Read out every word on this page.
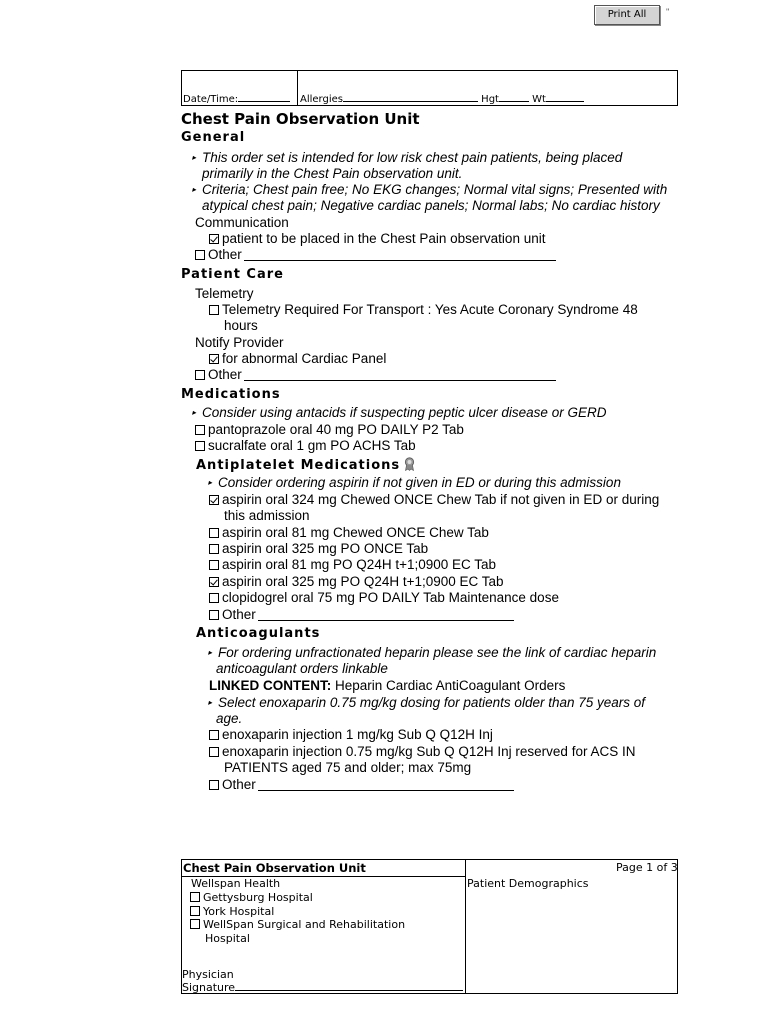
Print All	''
Date/Time:	Allergies	Hgt	Wt
Chest Pain Observation Unit
General
▸ This order set is intended for low risk chest pain patients, being placed
primarily in the Chest Pain observation unit.
▸ Criteria; Chest pain free; No EKG changes; Normal vital signs; Presented with
atypical chest pain; Negative cardiac panels; Normal labs; No cardiac history
Communication
patient to be placed in the Chest Pain observation unit
Other
Patient Care
Telemetry
Telemetry Required For Transport : Yes Acute Coronary Syndrome 48
hours
Notify Provider
for abnormal Cardiac Panel
Other
Medications
▸ Consider using antacids if suspecting peptic ulcer disease or GERD
pantoprazole oral 40 mg PO DAILY P2 Tab
sucralfate oral 1 gm PO ACHS Tab
Antiplatelet Medications
▸ Consider ordering aspirin if not given in ED or during this admission
aspirin oral 324 mg Chewed ONCE Chew Tab if not given in ED or during
this admission
aspirin oral 81 mg Chewed ONCE Chew Tab
aspirin oral 325 mg PO ONCE Tab
aspirin oral 81 mg PO Q24H t+1;0900 EC Tab
aspirin oral 325 mg PO Q24H t+1;0900 EC Tab
clopidogrel oral 75 mg PO DAILY Tab Maintenance dose
Other
Anticoagulants
▸ For ordering unfractionated heparin please see the link of cardiac heparin
anticoagulant orders linkable
LINKED CONTENT: Heparin Cardiac AntiCoagulant Orders
▸ Select enoxaparin 0.75 mg/kg dosing for patients older than 75 years of
age.
enoxaparin injection 1 mg/kg Sub Q Q12H Inj
enoxaparin injection 0.75 mg/kg Sub Q Q12H Inj reserved for ACS IN
PATIENTS aged 75 and older; max 75mg
Other
Chest Pain Observation Unit	Page 1 of 3
Wellspan Health
Gettysburg Hospital
York Hospital
WellSpan Surgical and Rehabilitation
Hospital
Patient Demographics
Physician
Signature
